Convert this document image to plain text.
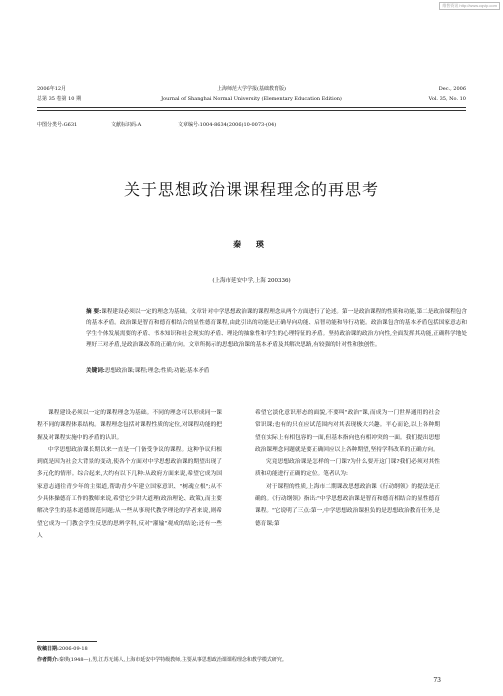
维普资讯 http://www.cqvip.com
2006年12月	上海师范大学学报(基础教育版)	Dec., 2006
总第 35 卷第 10 期	Journal of Shanghai Normal University (Elementary Education Edition)	Vol. 35, No. 10
中图分类号:G631	文献标识码:A	文章编号:1004-8634(2006)10-0073-(04)
关于思想政治课课程理念的再思考
秦 瑛
(上海市延安中学,上海 200336)
摘 要:课程建设必须以一定的理念为基础。文章针对中学思想政治课的课程理念从两个方面进行了论述。第一是政治课程的性质和功能,第二是政治课程包含的基本矛盾。政治课是智育和德育相结合的显性德育课程,由此引出的功能是正确导向功能、启智功能和导行功能。政治课包含的基本矛盾包括国家意志和学生个体发展需要的矛盾、书本知识和社会现实的矛盾、理论的抽象性和学生的心理特征的矛盾。坚持政治课的政治方向性,全面发挥其功能,正确科学地处理好三对矛盾,是政治课改革的正确方向。文章所揭示的思想政治课的基本矛盾及其解决思路,有较强的针对性和独创性。
关键词:思想政治课;课程;理念;性质;功能;基本矛盾

课程建设必须以一定的课程理念为基础。不同的理念可以形成同一课程不同的课程体系结构。课程理念包括对课程性质的定位,对课程功能的把握及对课程实施中的矛盾的认识。

中学思想政治课长期以来一直是一门备受争议的课程。这种争议归根到底是因为社会大背景的变动,使各个方面对中学思想政治课的期望出现了多元化的情形。综合起来,大约有以下几种:从政府方面来说,希望它成为国家意志通往青少年的主渠道,帮助青少年建立国家意识、"树魂立根";从不少具体操德育工作的教师来说,希望它少讲大道理(政治理论、政策),而主要解决学生的基本道德规范问题;从一些从事现代教学理论的学者来说,则希望它成为一门教会学生反思的思辨学科,反对"灌输"观成的结论;还有一些人

希望它淡化意识形态的面貌,不要叫"政治"课,而成为一门世界通用的社会常识课;也有的只在应试范围内对其表现极大兴趣。平心而论,以上各种期望在实际上有相包容的一面,但基本指向也有相冲突的一面。我们提出思想政治课理念问题就是要正确回应以上各种期望,坚持学科改革的正确方向。

究竟思想政治课是怎样的一门课?为什么要开这门课?我们必须对其性质和功能进行正确的定位。笔者认为:

对于课程的性质,上海市二期课改思想政治课《行动纲领》的提法是正确的。《行动纲领》指出:"中学思想政治课是智育和德育相结合的显性德育课程。"它说明了三点:第一,中学思想政治课担负的是思想政治教育任务,是德育课;第

收稿日期:2006-09-18
作者简介:秦瑛(1948—),男,江苏无锡人,上海市延安中学特级教师,主要从事思想政治课课程理念和教学模式研究。
73
